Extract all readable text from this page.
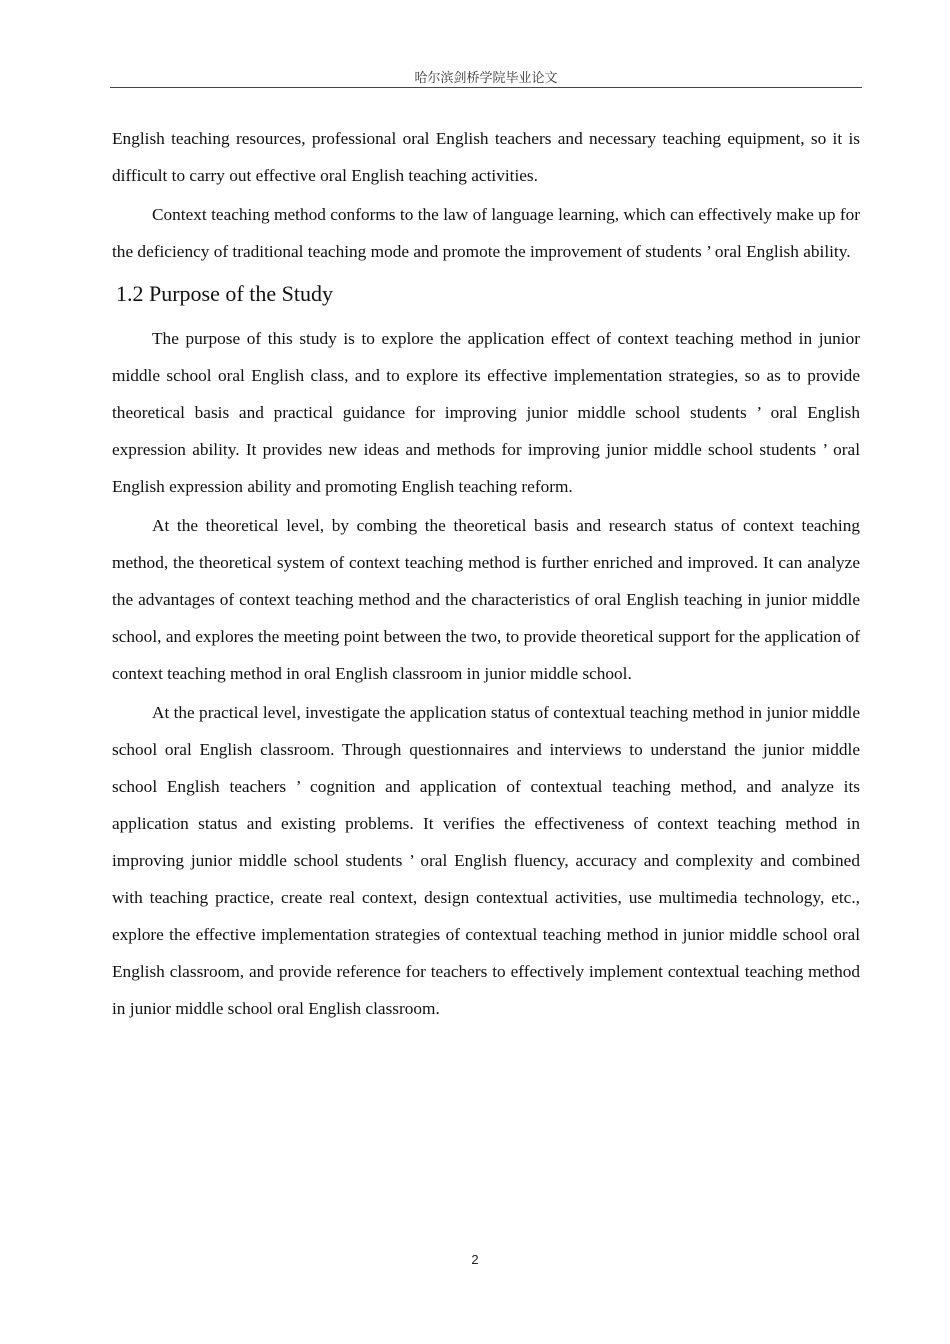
哈尔滨剑桥学院毕业论文

English teaching resources, professional oral English teachers and necessary teaching equipment, so it is difficult to carry out effective oral English teaching activities.

Context teaching method conforms to the law of language learning, which can effectively make up for the deficiency of traditional teaching mode and promote the improvement of students ’ oral English ability.

1.2 Purpose of the Study

The purpose of this study is to explore the application effect of context teaching method in junior middle school oral English class, and to explore its effective implementation strategies, so as to provide theoretical basis and practical guidance for improving junior middle school students ’ oral English expression ability. It provides new ideas and methods for improving junior middle school students ’ oral English expression ability and promoting English teaching reform.

At the theoretical level, by combing the theoretical basis and research status of context teaching method, the theoretical system of context teaching method is further enriched and improved. It can analyze the advantages of context teaching method and the characteristics of oral English teaching in junior middle school, and explores the meeting point between the two, to provide theoretical support for the application of context teaching method in oral English classroom in junior middle school.

At the practical level, investigate the application status of contextual teaching method in junior middle school oral English classroom. Through questionnaires and interviews to understand the junior middle school English teachers ’ cognition and application of contextual teaching method, and analyze its application status and existing problems. It verifies the effectiveness of context teaching method in improving junior middle school students ’ oral English fluency, accuracy and complexity and combined with teaching practice, create real context, design contextual activities, use multimedia technology, etc., explore the effective implementation strategies of contextual teaching method in junior middle school oral English classroom, and provide reference for teachers to effectively implement contextual teaching method in junior middle school oral English classroom.

2
